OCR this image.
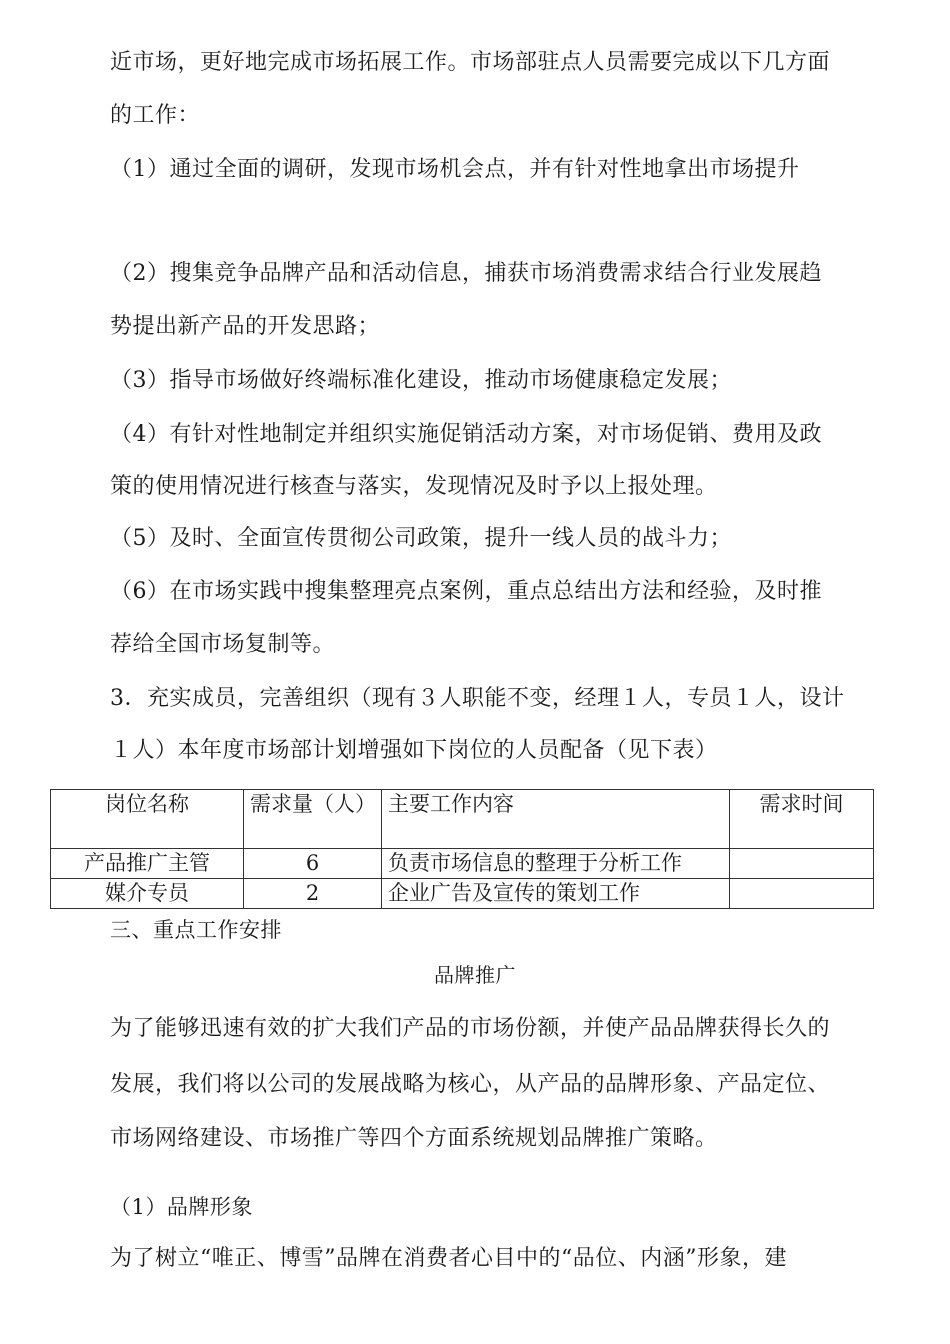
近市场，更好地完成市场拓展工作。市场部驻点人员需要完成以下几方面
的工作：
（1）通过全面的调研，发现市场机会点，并有针对性地拿出市场提升
（2）搜集竞争品牌产品和活动信息，捕获市场消费需求结合行业发展趋
势提出新产品的开发思路；
（3）指导市场做好终端标准化建设，推动市场健康稳定发展；
（4）有针对性地制定并组织实施促销活动方案，对市场促销、费用及政
策的使用情况进行核查与落实，发现情况及时予以上报处理。
（5）及时、全面宣传贯彻公司政策，提升一线人员的战斗力；
（6）在市场实践中搜集整理亮点案例，重点总结出方法和经验，及时推
荐给全国市场复制等。
3．充实成员，完善组织（现有３人职能不变，经理１人，专员１人，设计
１人）本年度市场部计划增强如下岗位的人员配备（见下表）
岗位名称	需求量（人）	主要工作内容	需求时间
产品推广主管	6	负责市场信息的整理于分析工作	
媒介专员	2	企业广告及宣传的策划工作	
三、重点工作安排
品牌推广
为了能够迅速有效的扩大我们产品的市场份额，并使产品品牌获得长久的
发展，我们将以公司的发展战略为核心，从产品的品牌形象、产品定位、
市场网络建设、市场推广等四个方面系统规划品牌推广策略。
（1）品牌形象
为了树立“唯正、博雪”品牌在消费者心目中的“品位、内涵”形象，建
